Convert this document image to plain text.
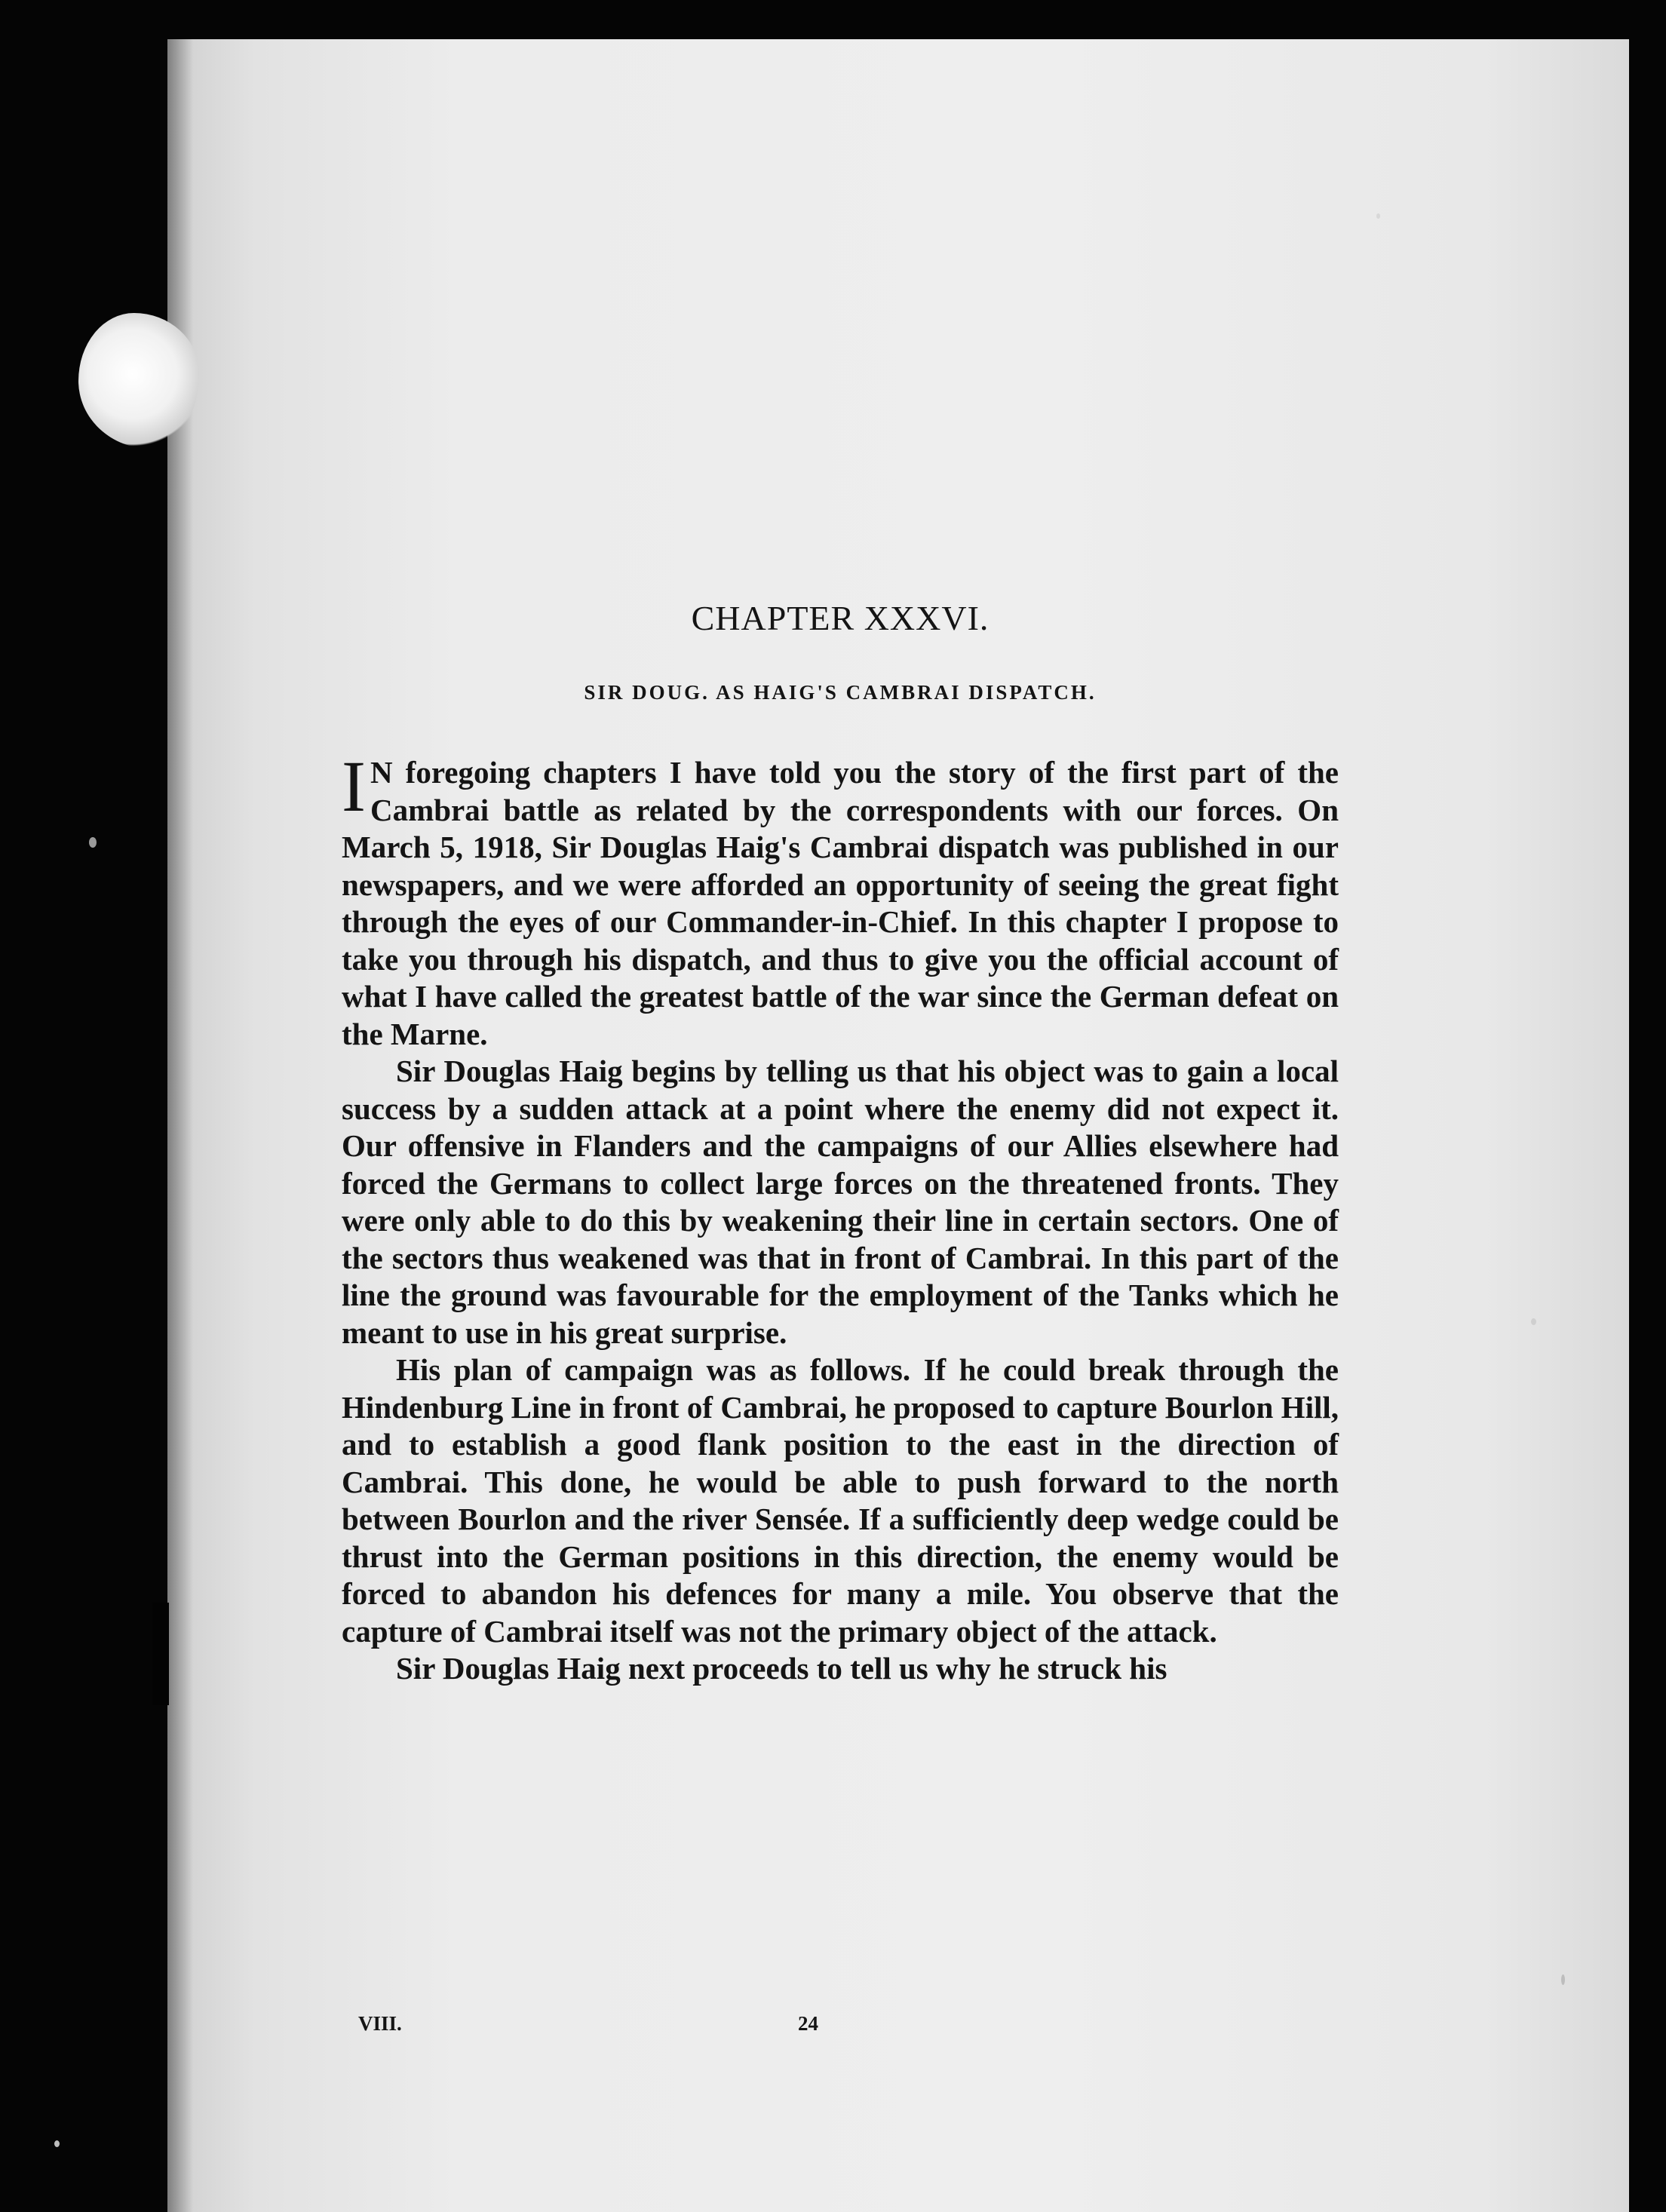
CHAPTER XXXVI.
SIR DOUG. AS HAIG'S CAMBRAI DISPATCH.

I N foregoing chapters I have told you the story of the first part of the Cambrai battle as related by the correspondents with our forces. On March 5, 1918, Sir Douglas Haig's Cambrai dispatch was published in our newspapers, and we were afforded an opportunity of seeing the great fight through the eyes of our Commander-in-Chief. In this chapter I propose to take you through his dispatch, and thus to give you the official account of what I have called the greatest battle of the war since the German defeat on the Marne.

Sir Douglas Haig begins by telling us that his object was to gain a local success by a sudden attack at a point where the enemy did not expect it. Our offensive in Flanders and the campaigns of our Allies elsewhere had forced the Germans to collect large forces on the threatened fronts. They were only able to do this by weakening their line in certain sectors. One of the sectors thus weakened was that in front of Cambrai. In this part of the line the ground was favourable for the employment of the Tanks which he meant to use in his great surprise.

His plan of campaign was as follows. If he could break through the Hindenburg Line in front of Cambrai, he proposed to capture Bourlon Hill, and to establish a good flank position to the east in the direction of Cambrai. This done, he would be able to push forward to the north between Bourlon and the river Sensée. If a sufficiently deep wedge could be thrust into the German positions in this direction, the enemy would be forced to abandon his defences for many a mile. You observe that the capture of Cambrai itself was not the primary object of the attack.

Sir Douglas Haig next proceeds to tell us why he struck his

VIII.	24
